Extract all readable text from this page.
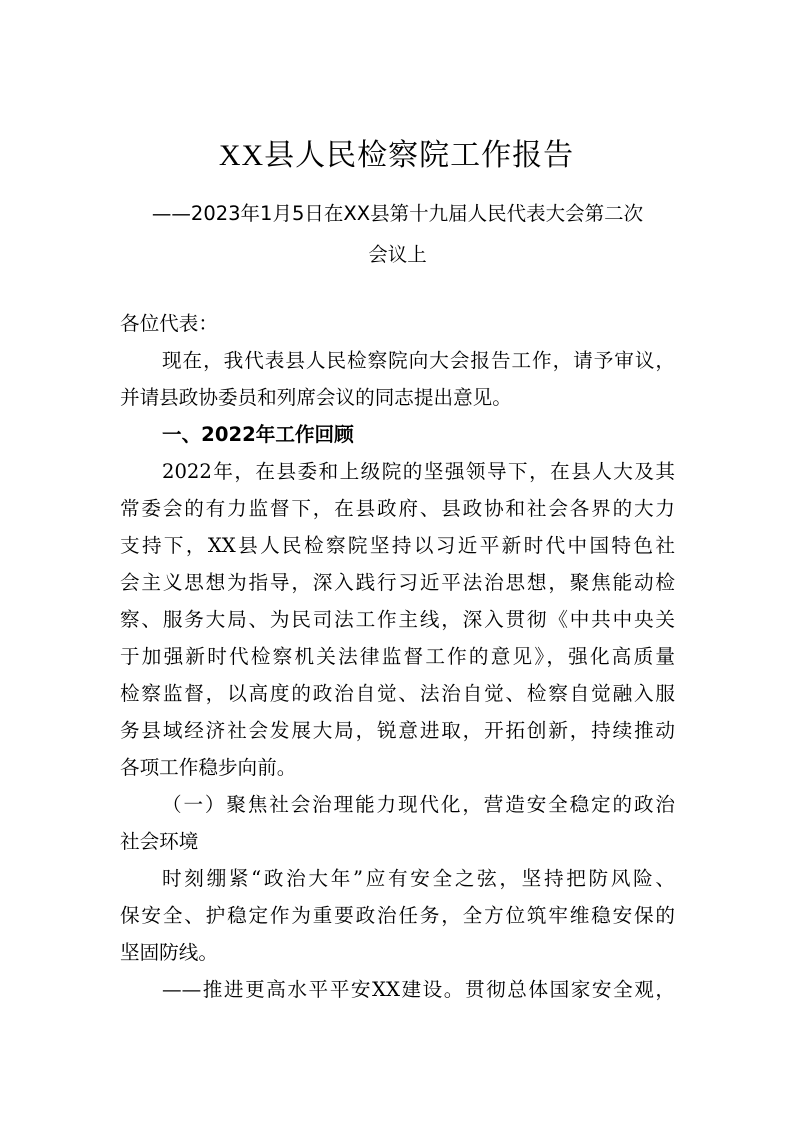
XX县人民检察院工作报告
——2023年1月5日在XX县第十九届人民代表大会第二次
会议上
各位代表：
现在，我代表县人民检察院向大会报告工作，请予审议，
并请县政协委员和列席会议的同志提出意见。
一、2022年工作回顾
2022年，在县委和上级院的坚强领导下，在县人大及其
常委会的有力监督下，在县政府、县政协和社会各界的大力
支持下，XX县人民检察院坚持以习近平新时代中国特色社
会主义思想为指导，深入践行习近平法治思想，聚焦能动检
察、服务大局、为民司法工作主线，深入贯彻《中共中央关
于加强新时代检察机关法律监督工作的意见》，强化高质量
检察监督，以高度的政治自觉、法治自觉、检察自觉融入服
务县域经济社会发展大局，锐意进取，开拓创新，持续推动
各项工作稳步向前。
（一）聚焦社会治理能力现代化，营造安全稳定的政治
社会环境
时刻绷紧“政治大年”应有安全之弦，坚持把防风险、
保安全、护稳定作为重要政治任务，全方位筑牢维稳安保的
坚固防线。
——推进更高水平平安XX建设。贯彻总体国家安全观，
